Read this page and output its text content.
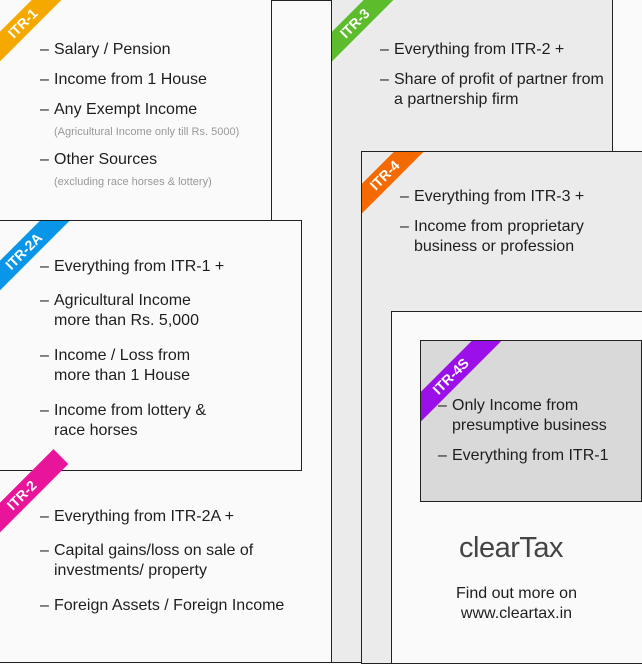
ITR-2A
ITR-1	ITR-3
ITR-4
ITR-4S
ITR-2
– Salary / Pension
– Income from 1 House
– Any Exempt Income
(Agricultural Income only till Rs. 5000)
– Other Sources
(excluding race horses & lottery)
– Everything from ITR-1 +
– Agricultural Income more than Rs. 5,000
– Income / Loss from more than 1 House
– Income from lottery & race horses
– Everything from ITR-2A +
– Capital gains/loss on sale of investments/ property
– Foreign Assets / Foreign Income
– Everything from ITR-2 +
– Share of profit of partner from a partnership firm
– Everything from ITR-3 +
– Income from proprietary business or profession
– Only Income from presumptive business
– Everything from ITR-1
clearTax
Find out more on
www.cleartax.in
